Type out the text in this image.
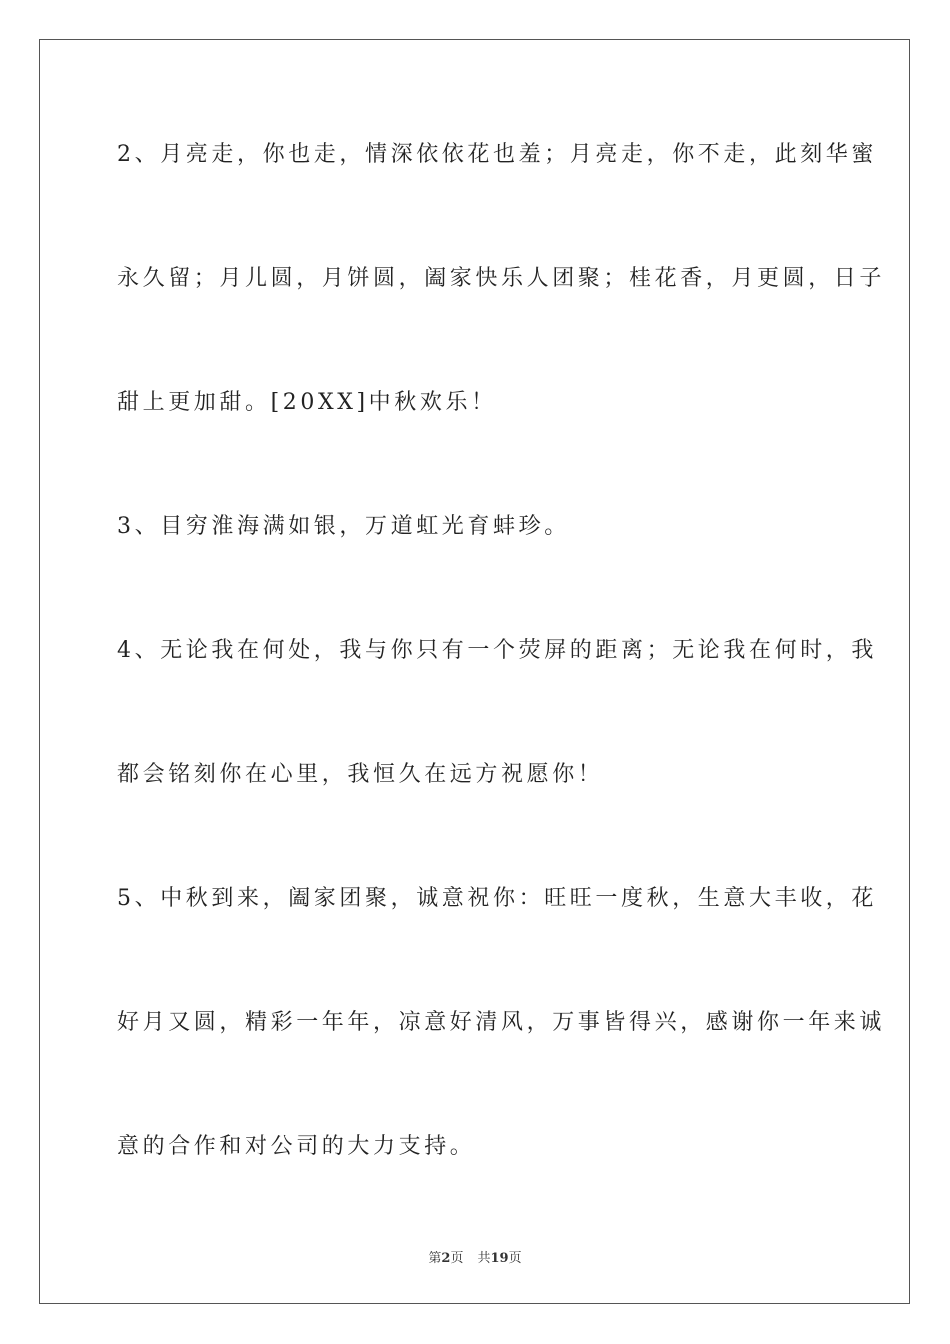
2、月亮走，你也走，情深依依花也羞；月亮走，你不走，此刻华蜜
永久留；月儿圆，月饼圆，阖家快乐人团聚；桂花香，月更圆，日子
甜上更加甜。[20XX]中秋欢乐！
3、目穷淮海满如银，万道虹光育蚌珍。
4、无论我在何处，我与你只有一个荧屏的距离；无论我在何时，我
都会铭刻你在心里，我恒久在远方祝愿你！
5、中秋到来，阖家团聚，诚意祝你：旺旺一度秋，生意大丰收，花
好月又圆，精彩一年年，凉意好清风，万事皆得兴，感谢你一年来诚
意的合作和对公司的大力支持。
第2页 共19页
